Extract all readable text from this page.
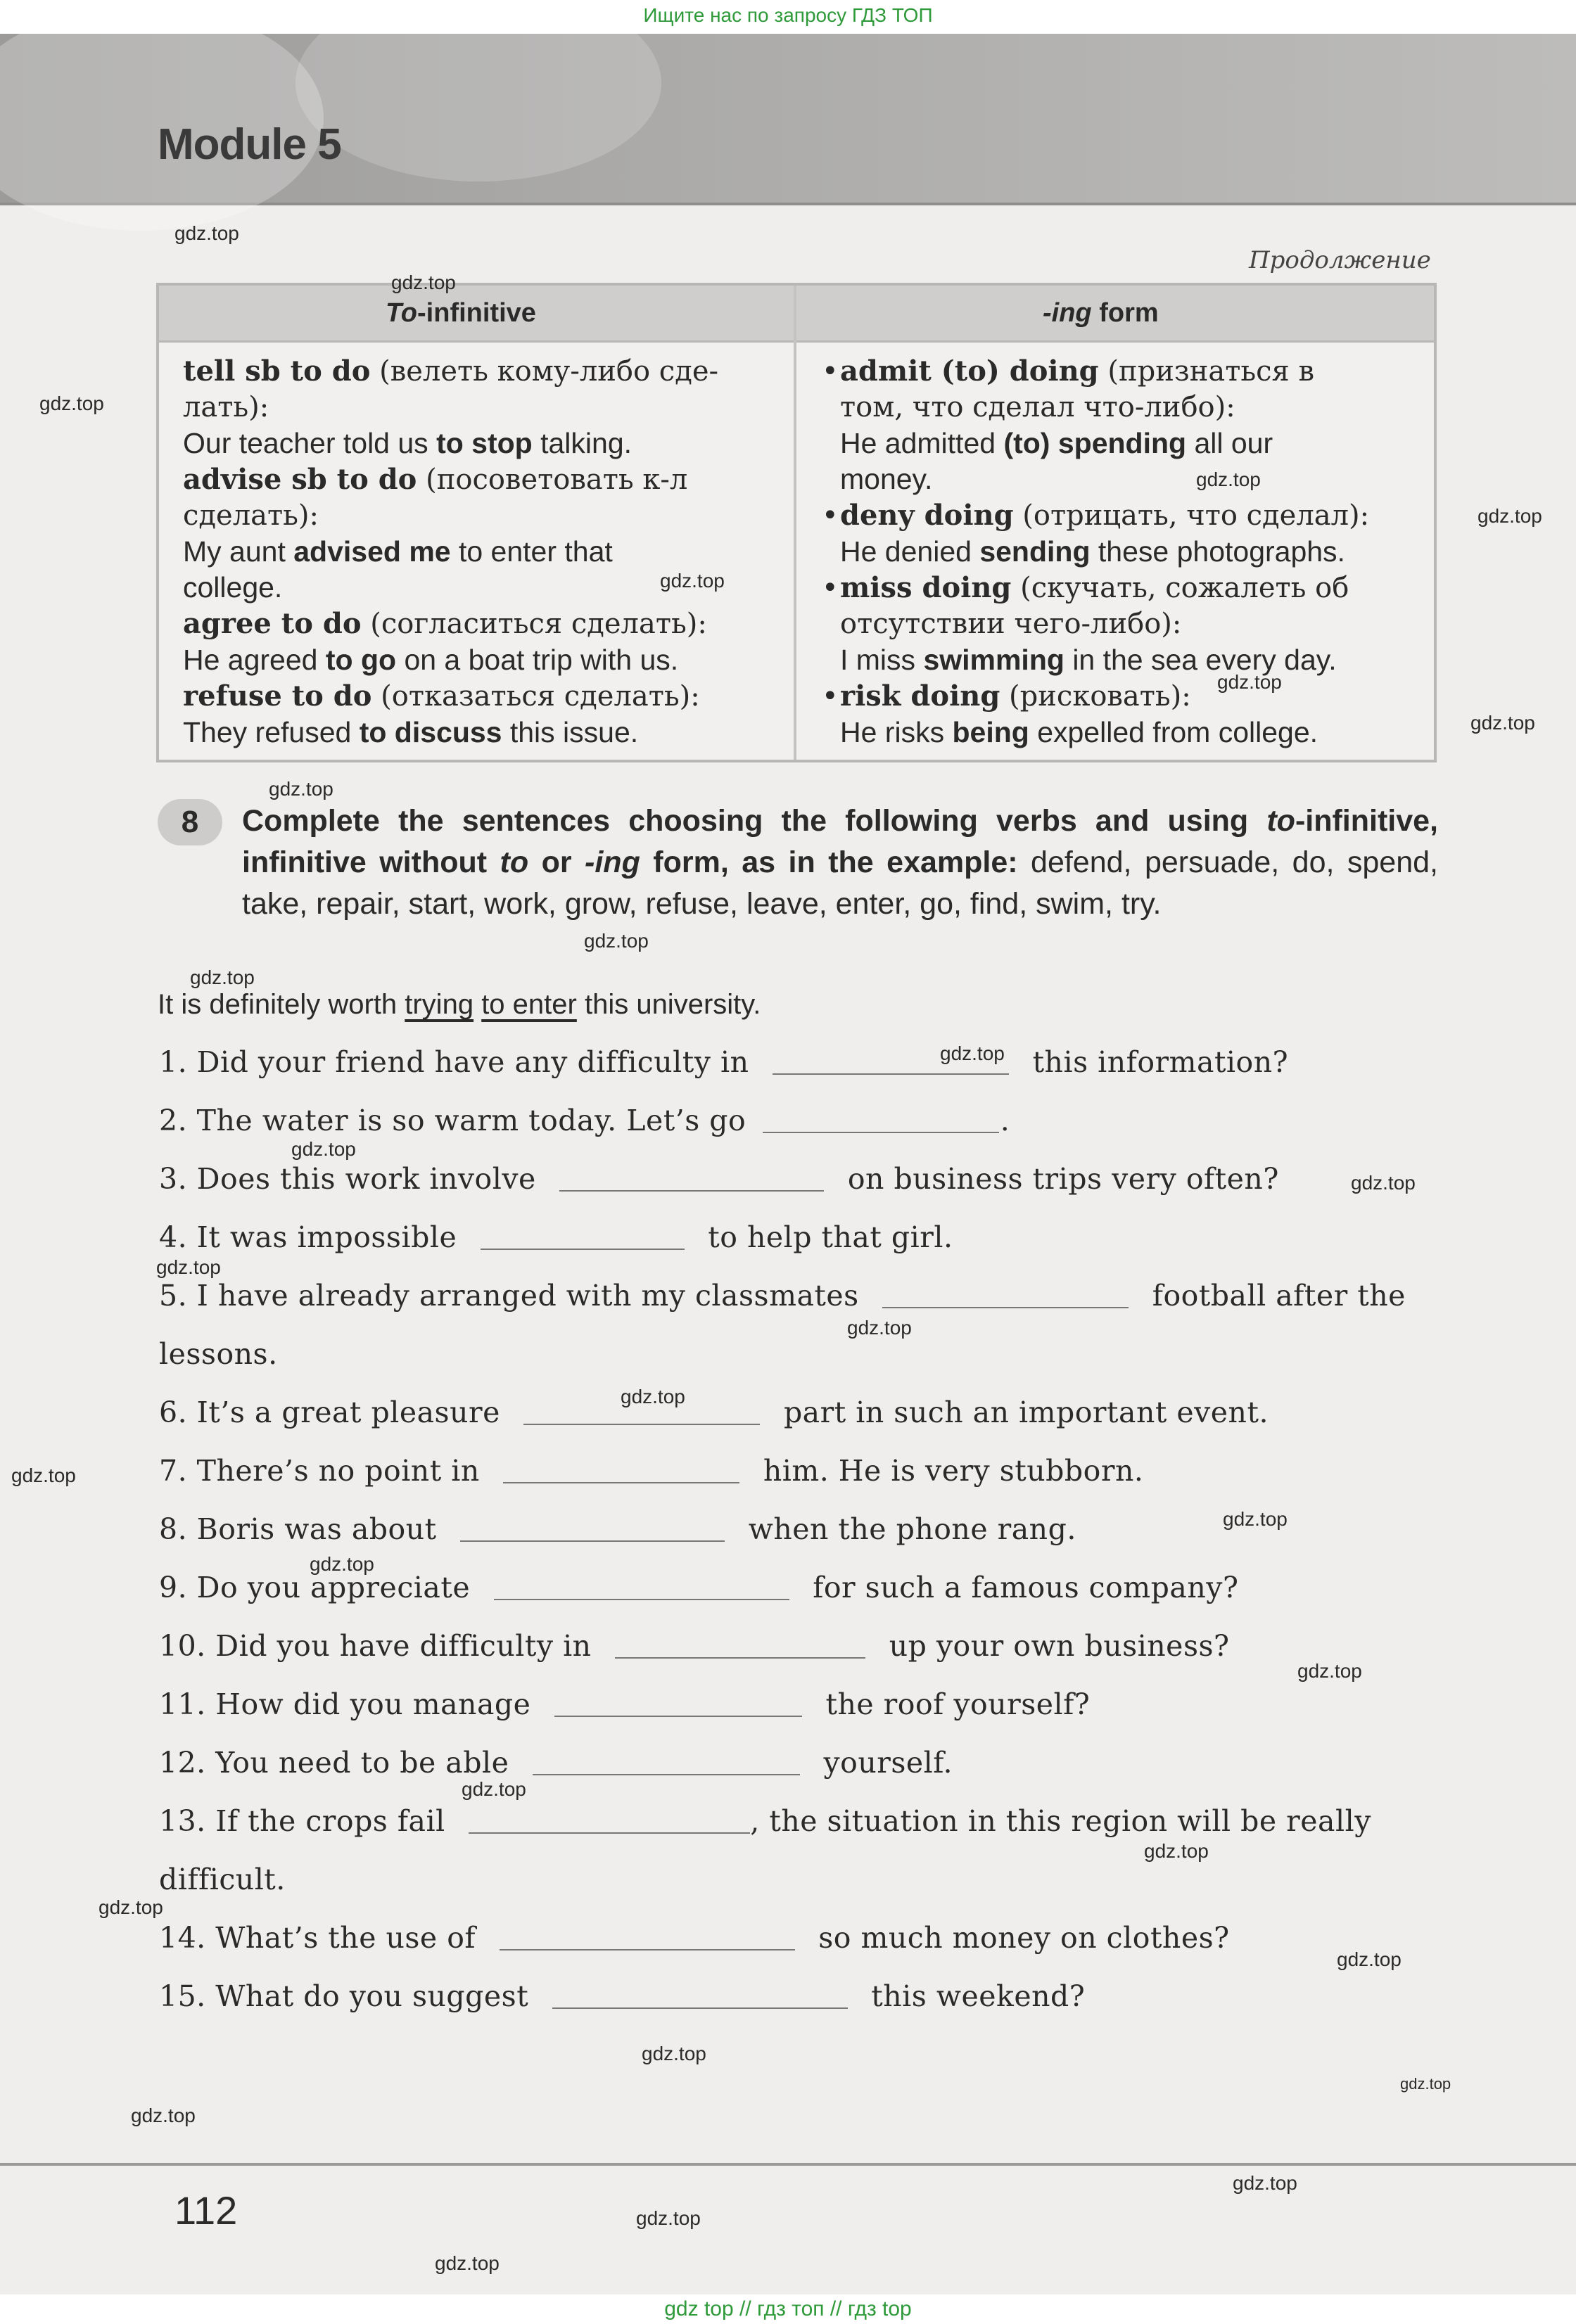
Ищите нас по запросу ГДЗ ТОП
Module 5
Продолжение
To-infinitive	-ing form
tell sb to do (велеть кому-либо сде-
лать):
Our teacher told us to stop talking.
advise sb to do (посоветовать к-л
сделать):
My aunt advised me to enter that
college.
agree to do (согласиться сделать):
He agreed to go on a boat trip with us.
refuse to do (отказаться сделать):
They refused to discuss this issue.
•admit (to) doing (признаться в
том, что сделал что-либо):
He admitted (to) spending all our
money.
•deny doing (отрицать, что сделал):
He denied sending these photographs.
•miss doing (скучать, сожалеть об
отсутствии чего-либо):
I miss swimming in the sea every day.
•risk doing (рисковать):
He risks being expelled from college.
8	Complete the sentences choosing the following verbs and using to-infinitive, infinitive without to or -ing form, as in the example: defend, persuade, do, spend, take, repair, start, work, grow, refuse, leave, enter, go, find, swim, try.
It is definitely worth trying to enter this university.
1. Did your friend have any difficulty in	this information?
2. The water is so warm today. Let’s go	.
3. Does this work involve	on business trips very often?
4. It was impossible	to help that girl.
5. I have already arranged with my classmates	football after the
lessons.
6. It’s a great pleasure	part in such an important event.
7. There’s no point in	him. He is very stubborn.
8. Boris was about	when the phone rang.
9. Do you appreciate	for such a famous company?
10. Did you have difficulty in	up your own business?
11. How did you manage	the roof yourself?
12. You need to be able	yourself.
13. If the crops fail	, the situation in this region will be really
difficult.
14. What’s the use of	so much money on clothes?
15. What do you suggest	this weekend?
112
gdz.top
gdz.top
gdz.top
gdz.top
gdz.top
gdz.top
gdz.top
gdz.top
gdz.top
gdz.top
gdz.top
gdz.top
gdz.top
gdz.top
gdz.top
gdz.top
gdz.top
gdz.top
gdz.top
gdz.top
gdz.top
gdz.top
gdz.top
gdz.top
gdz.top
gdz.top
gdz.top
gdz.top
gdz.top
gdz.top
gdz.top
gdz top // гдз топ // гдз top
